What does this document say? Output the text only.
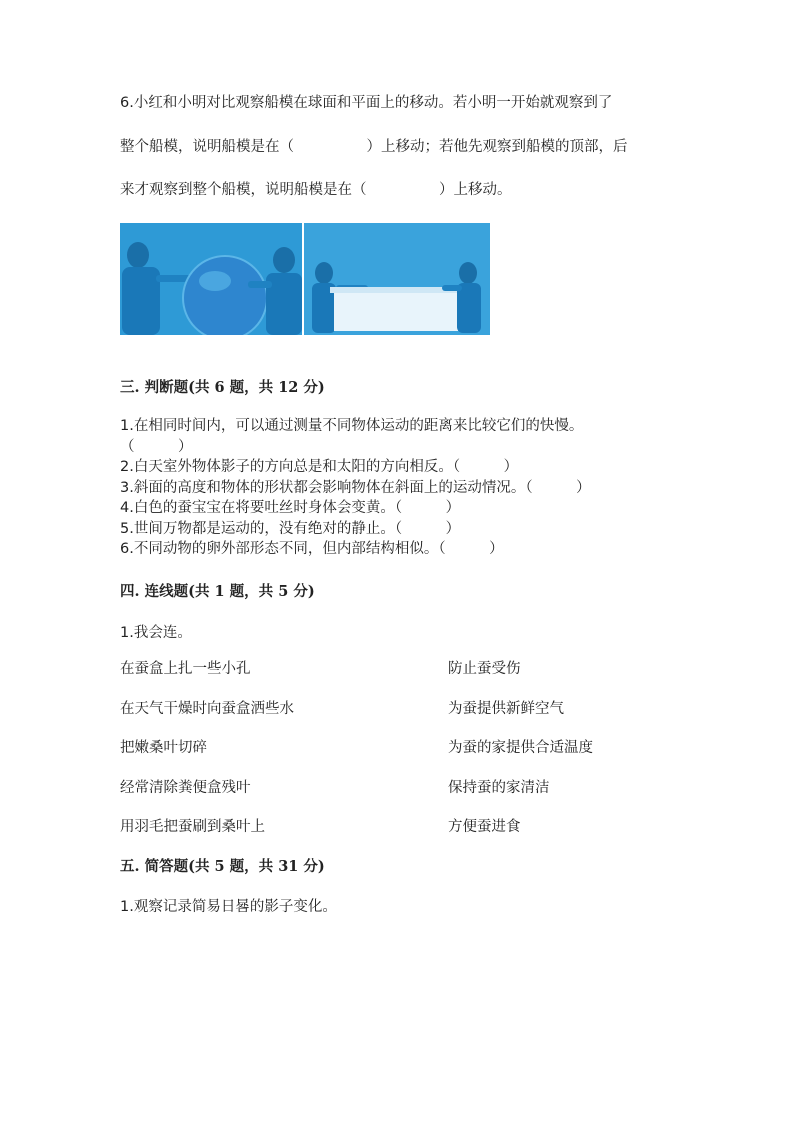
6.小红和小明对比观察船模在球面和平面上的移动。若小明一开始就观察到了
整个船模，说明船模是在（　　　　　）上移动；若他先观察到船模的顶部，后
来才观察到整个船模，说明船模是在（　　　　　）上移动。
三. 判断题(共 6 题，共 12 分)
1.在相同时间内，可以通过测量不同物体运动的距离来比较它们的快慢。（　　　）
2.白天室外物体影子的方向总是和太阳的方向相反。（　　　）
3.斜面的高度和物体的形状都会影响物体在斜面上的运动情况。（　　　）
4.白色的蚕宝宝在将要吐丝时身体会变黄。（　　　）
5.世间万物都是运动的，没有绝对的静止。（　　　）
6.不同动物的卵外部形态不同，但内部结构相似。（　　　）
四. 连线题(共 1 题，共 5 分)
1.我会连。
在蚕盒上扎一些小孔
在天气干燥时向蚕盒洒些水
把嫩桑叶切碎
经常清除粪便盒残叶
用羽毛把蚕刷到桑叶上
防止蚕受伤
为蚕提供新鲜空气
为蚕的家提供合适温度
保持蚕的家清洁
方便蚕进食
五. 简答题(共 5 题，共 31 分)
1.观察记录简易日晷的影子变化。
